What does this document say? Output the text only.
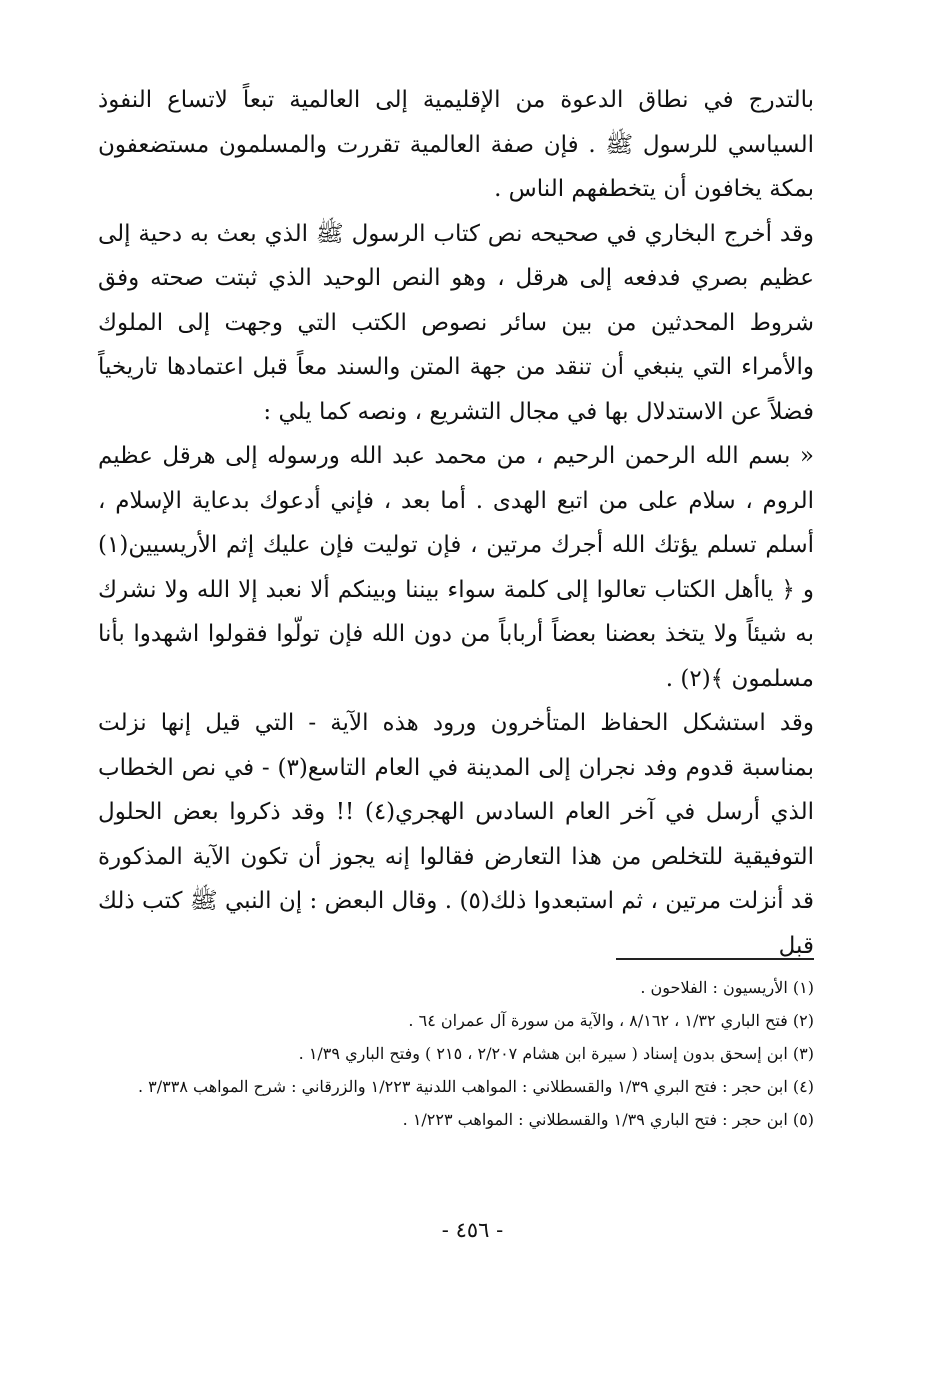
بالتدرج في نطاق الدعوة من الإقليمية إلى العالمية تبعاً لاتساع النفوذ السياسي للرسول ﷺ . فإن صفة العالمية تقررت والمسلمون مستضعفون بمكة يخافون أن يتخطفهم الناس .

وقد أخرج البخاري في صحيحه نص كتاب الرسول ﷺ الذي بعث به دحية إلى عظيم بصري فدفعه إلى هرقل ، وهو النص الوحيد الذي ثبتت صحته وفق شروط المحدثين من بين سائر نصوص الكتب التي وجهت إلى الملوك والأمراء التي ينبغي أن تنقد من جهة المتن والسند معاً قبل اعتمادها تاريخياً فضلاً عن الاستدلال بها في مجال التشريع ، ونصه كما يلي :

« بسم الله الرحمن الرحيم ، من محمد عبد الله ورسوله إلى هرقل عظيم الروم ، سلام على من اتبع الهدى . أما بعد ، فإني أدعوك بدعاية الإسلام ، أسلم تسلم يؤتك الله أجرك مرتين ، فإن توليت فإن عليك إثم الأريسيين(١) و ﴿ ياأهل الكتاب تعالوا إلى كلمة سواء بيننا وبينكم ألا نعبد إلا الله ولا نشرك به شيئاً ولا يتخذ بعضنا بعضاً أرباباً من دون الله فإن تولّوا فقولوا اشهدوا بأنا مسلمون ﴾(٢) .

وقد استشكل الحفاظ المتأخرون ورود هذه الآية - التي قيل إنها نزلت بمناسبة قدوم وفد نجران إلى المدينة في العام التاسع(٣) - في نص الخطاب الذي أرسل في آخر العام السادس الهجري(٤) !! وقد ذكروا بعض الحلول التوفيقية للتخلص من هذا التعارض فقالوا إنه يجوز أن تكون الآية المذكورة قد أنزلت مرتين ، ثم استبعدوا ذلك(٥) . وقال البعض : إن النبي ﷺ كتب ذلك قبل

(١) الأريسيون : الفلاحون .

(٢) فتح الباري ١/٣٢ ، ٨/١٦٢ ، والآية من سورة آل عمران ٦٤ .

(٣) ابن إسحق بدون إسناد ( سيرة ابن هشام ٢/٢٠٧ ، ٢١٥ ) وفتح الباري ١/٣٩ .

(٤) ابن حجر : فتح البري ١/٣٩ والقسطلاني : المواهب اللدنية ١/٢٢٣ والزرقاني : شرح المواهب ٣/٣٣٨ .

(٥) ابن حجر : فتح الباري ١/٣٩ والقسطلاني : المواهب ١/٢٢٣ .

- ٤٥٦ -
